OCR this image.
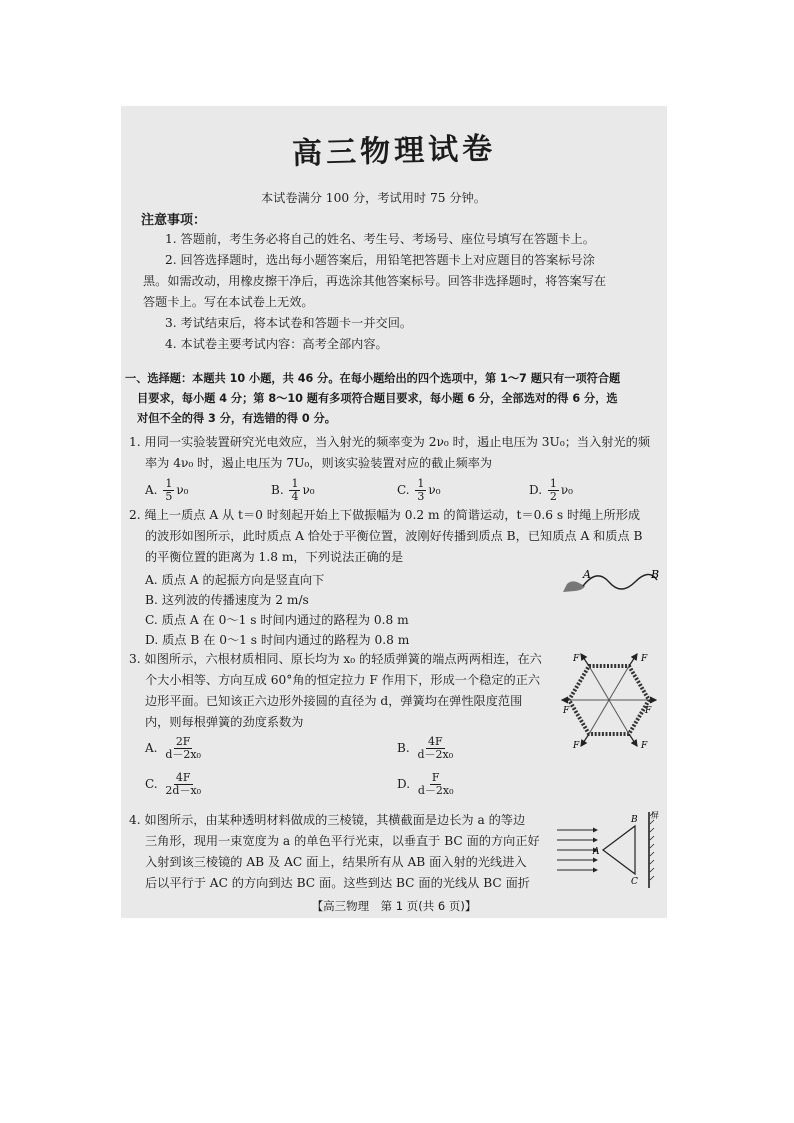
高三物理试卷
本试卷满分 100 分，考试用时 75 分钟。
注意事项：
1. 答题前，考生务必将自己的姓名、考生号、考场号、座位号填写在答题卡上。
2. 回答选择题时，选出每小题答案后，用铅笔把答题卡上对应题目的答案标号涂
黑。如需改动，用橡皮擦干净后，再选涂其他答案标号。回答非选择题时，将答案写在
答题卡上。写在本试卷上无效。
3. 考试结束后，将本试卷和答题卡一并交回。
4. 本试卷主要考试内容：高考全部内容。
一、选择题：本题共 10 小题，共 46 分。在每小题给出的四个选项中，第 1～7 题只有一项符合题
目要求，每小题 4 分；第 8～10 题有多项符合题目要求，每小题 6 分，全部选对的得 6 分，选
对但不全的得 3 分，有选错的得 0 分。
1. 用同一实验装置研究光电效应，当入射光的频率变为 2ν₀ 时，遏止电压为 3U₀；当入射光的频
率为 4ν₀ 时，遏止电压为 7U₀，则该实验装置对应的截止频率为
A. $\frac{1}{5} \nu_0$	B. $\frac{1}{4} \nu_0$	C. $\frac{1}{3} \nu_0$	D. $\frac{1}{2} \nu_0$
2. 绳上一质点 A 从 t＝0 时刻起开始上下做振幅为 0.2 m 的简谐运动，t＝0.6 s 时绳上所形成
的波形如图所示，此时质点 A 恰处于平衡位置，波刚好传播到质点 B，已知质点 A 和质点 B
的平衡位置的距离为 1.8 m，下列说法正确的是
A. 质点 A 的起振方向是竖直向下
B. 这列波的传播速度为 2 m/s
C. 质点 A 在 0～1 s 时间内通过的路程为 0.8 m
D. 质点 B 在 0～1 s 时间内通过的路程为 0.8 m
A	B
3. 如图所示，六根材质相同、原长均为 x₀ 的轻质弹簧的端点两两相连，在六
个大小相等、方向互成 60°角的恒定拉力 F 作用下，形成一个稳定的正六
边形平面。已知该正六边形外接圆的直径为 d，弹簧均在弹性限度范围
内，则每根弹簧的劲度系数为
A. $\frac{2F}{\text{d－2x₀}}$	B. $\frac{4F}{\text{d－2x₀}}$
C. $\frac{4F}{\text{2d－x₀}}$	D. $\frac{F}{\text{d－2x₀}}$
F	F
F
F
F
F
4. 如图所示，由某种透明材料做成的三棱镜，其横截面是边长为 a 的等边
三角形，现用一束宽度为 a 的单色平行光束，以垂直于 BC 面的方向正好
入射到该三棱镜的 AB 及 AC 面上，结果所有从 AB 面入射的光线进入
后以平行于 AC 的方向到达 BC 面。这些到达 BC 面的光线从 BC 面折
A
B
C
屏
【高三物理　第 1 页(共 6 页)】
